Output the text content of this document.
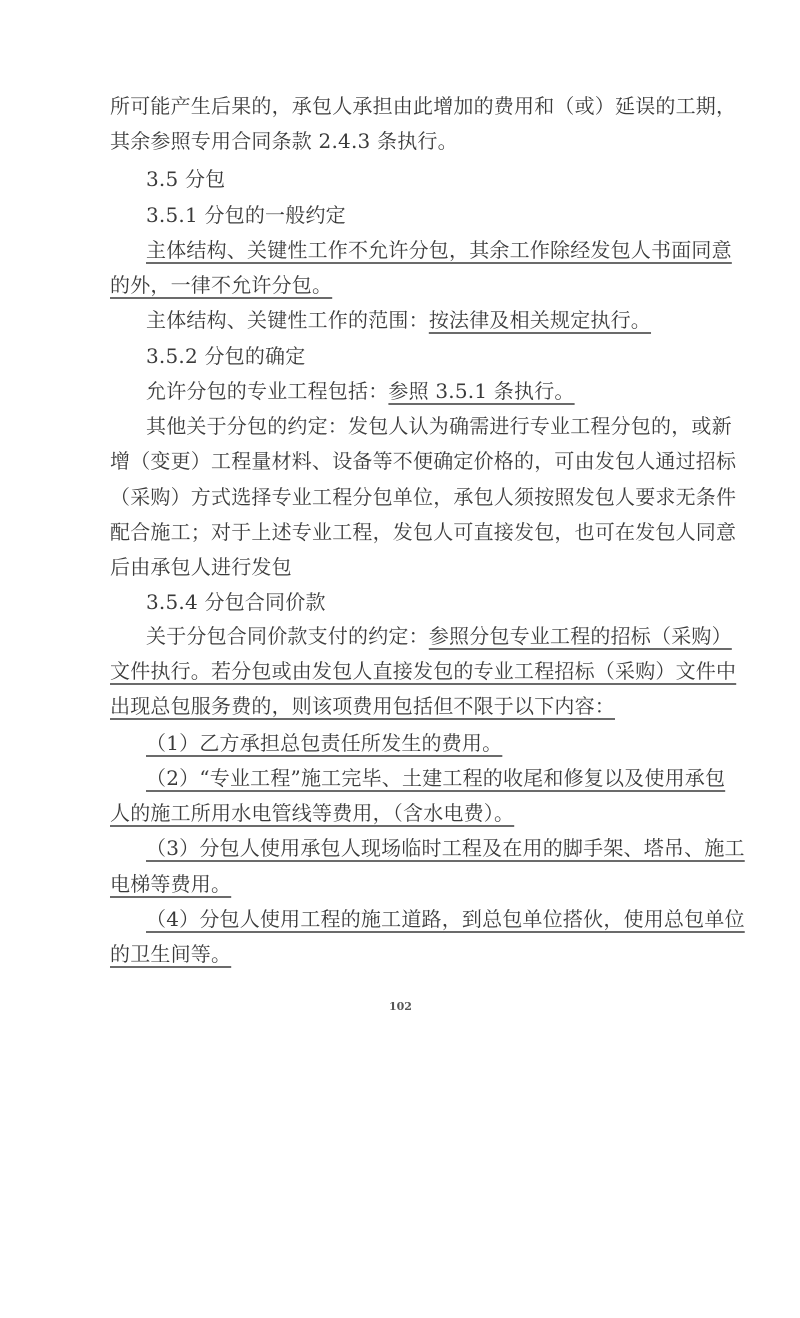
所可能产生后果的，承包人承担由此增加的费用和（或）延误的工期，
其余参照专用合同条款 2.4.3 条执行。
3.5 分包
3.5.1 分包的一般约定
主体结构、关键性工作不允许分包，其余工作除经发包人书面同意
的外，一律不允许分包。
主体结构、关键性工作的范围：按法律及相关规定执行。
3.5.2 分包的确定
允许分包的专业工程包括：参照 3.5.1 条执行。
其他关于分包的约定：发包人认为确需进行专业工程分包的，或新
增（变更）工程量材料、设备等不便确定价格的，可由发包人通过招标
（采购）方式选择专业工程分包单位，承包人须按照发包人要求无条件
配合施工；对于上述专业工程，发包人可直接发包，也可在发包人同意
后由承包人进行发包
3.5.4 分包合同价款
关于分包合同价款支付的约定：参照分包专业工程的招标（采购）
文件执行。若分包或由发包人直接发包的专业工程招标（采购）文件中
出现总包服务费的，则该项费用包括但不限于以下内容：
（1）乙方承担总包责任所发生的费用。
（2）“专业工程”施工完毕、土建工程的收尾和修复以及使用承包
人的施工所用水电管线等费用，（含水电费）。
（3）分包人使用承包人现场临时工程及在用的脚手架、塔吊、施工
电梯等费用。
（4）分包人使用工程的施工道路，到总包单位搭伙，使用总包单位
的卫生间等。
102
